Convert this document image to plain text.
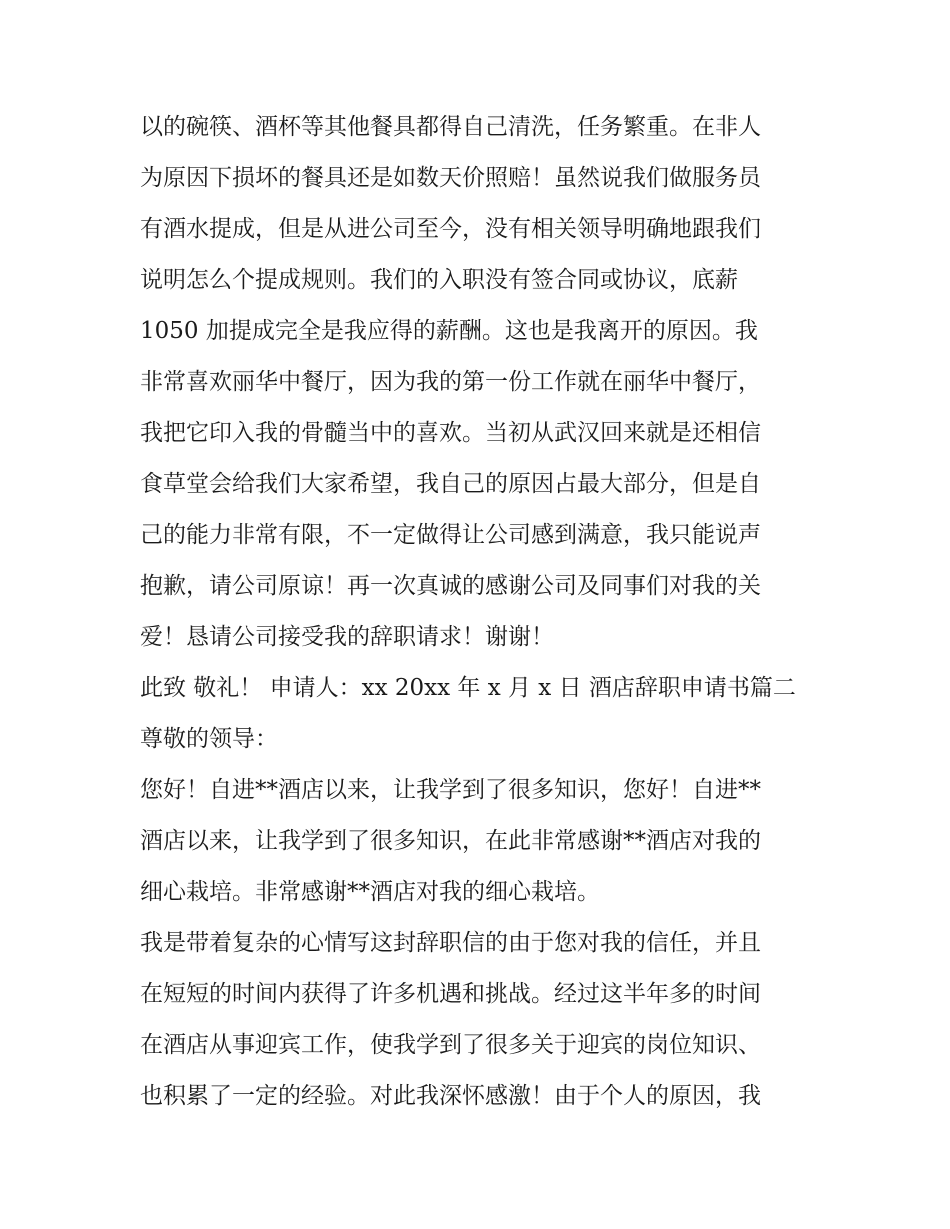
以的碗筷、酒杯等其他餐具都得自己清洗，任务繁重。在非人
为原因下损坏的餐具还是如数天价照赔！虽然说我们做服务员
有酒水提成，但是从进公司至今，没有相关领导明确地跟我们
说明怎么个提成规则。我们的入职没有签合同或协议，底薪
1050 加提成完全是我应得的薪酬。这也是我离开的原因。我
非常喜欢丽华中餐厅，因为我的第一份工作就在丽华中餐厅，
我把它印入我的骨髓当中的喜欢。当初从武汉回来就是还相信
食草堂会给我们大家希望，我自己的原因占最大部分，但是自
己的能力非常有限，不一定做得让公司感到满意，我只能说声
抱歉，请公司原谅！再一次真诚的感谢公司及同事们对我的关
爱！恳请公司接受我的辞职请求！谢谢！
此致 敬礼！ 申请人：xx 20xx 年 x 月 x 日 酒店辞职申请书篇二
尊敬的领导：
您好！自进**酒店以来，让我学到了很多知识，您好！自进**
酒店以来，让我学到了很多知识，在此非常感谢**酒店对我的
细心栽培。非常感谢**酒店对我的细心栽培。
我是带着复杂的心情写这封辞职信的由于您对我的信任，并且
在短短的时间内获得了许多机遇和挑战。经过这半年多的时间
在酒店从事迎宾工作，使我学到了很多关于迎宾的岗位知识、
也积累了一定的经验。对此我深怀感激！由于个人的原因，我
